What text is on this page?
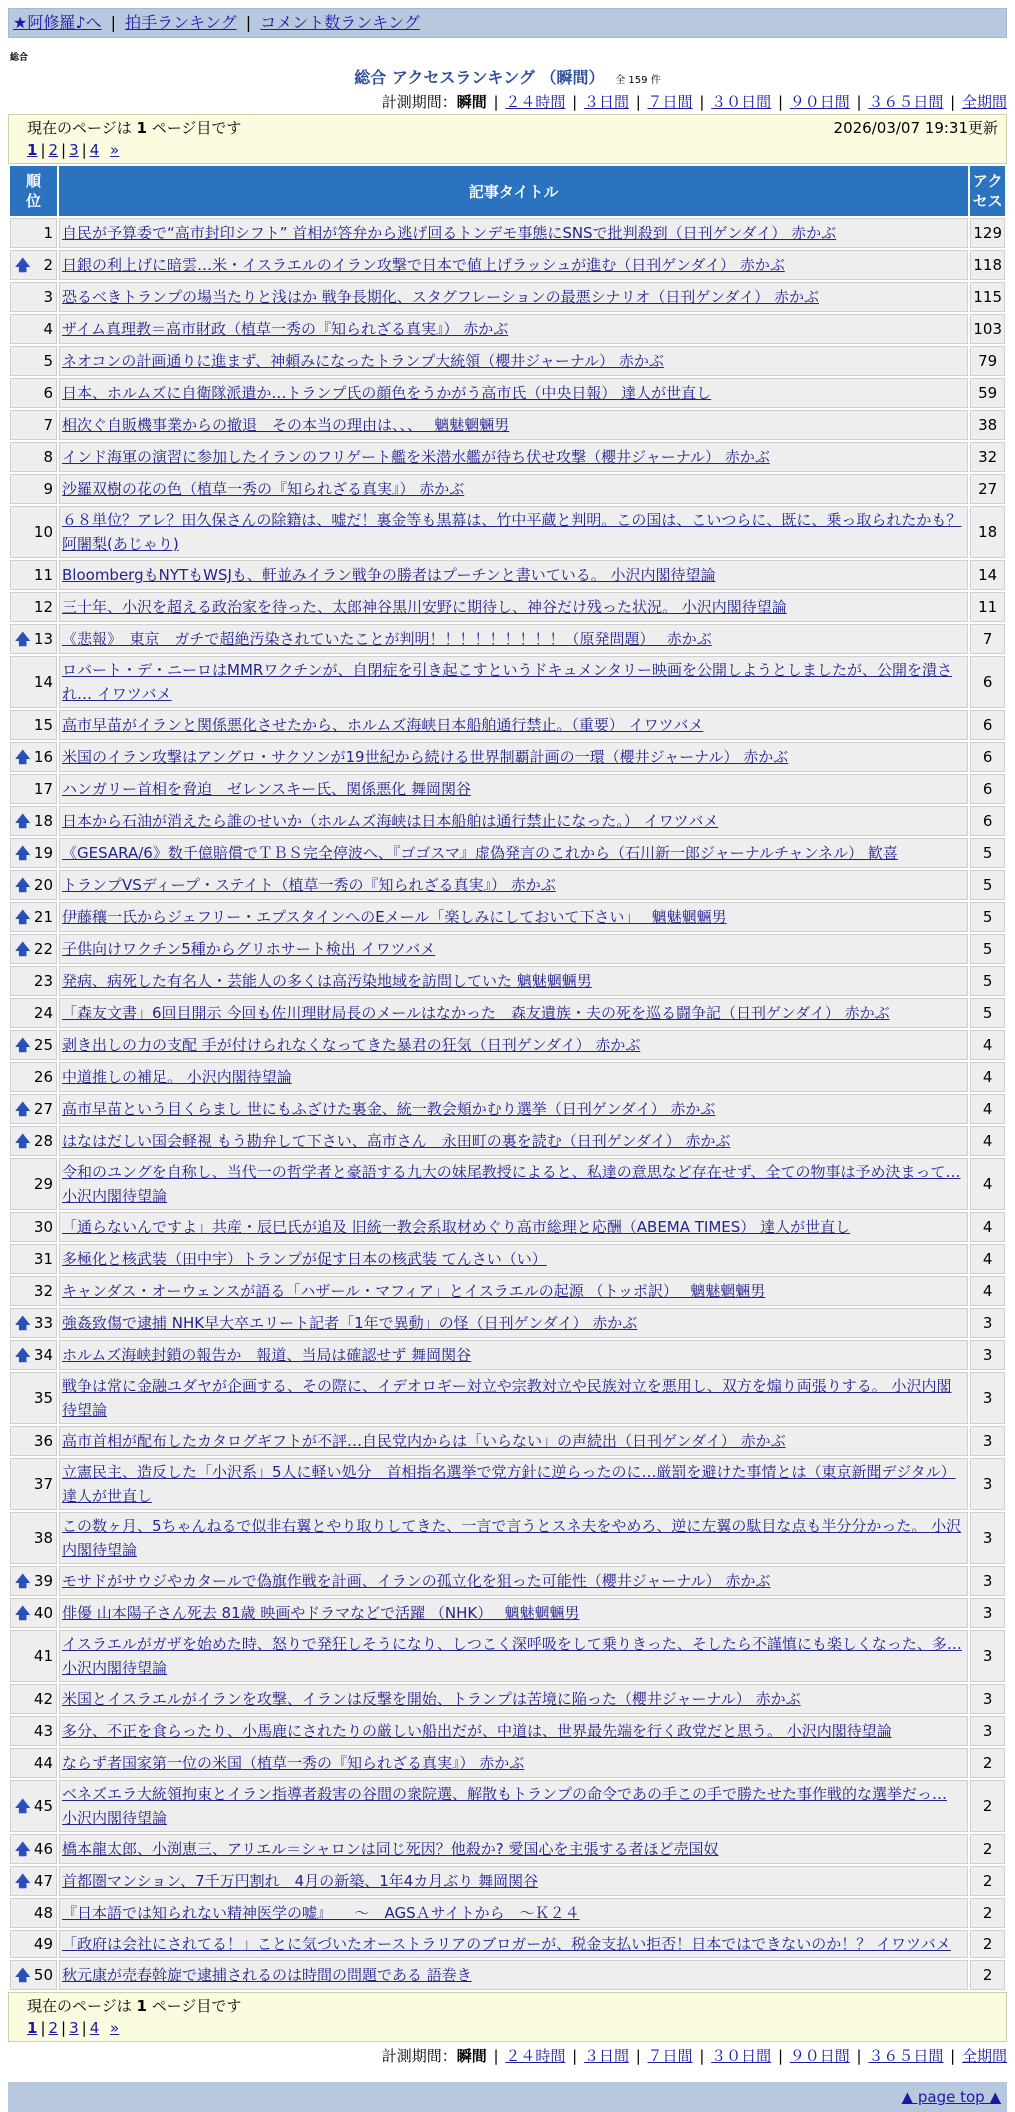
★阿修羅♪へ | 拍手ランキング | コメント数ランキング
総合
総合 アクセスランキング （瞬間） 全 159 件
計測期間：瞬間 | ２４時間 | ３日間 | ７日間 | ３０日間 | ９０日間 | ３６５日間 | 全期間
現在のページは 1 ページ目です	2026/03/07 19:31更新
1 | 2 | 3 | 4 »
順位	記事タイトル	アクセス
1	自民が予算委で“高市封印シフト” 首相が答弁から逃げ回るトンデモ事態にSNSで批判殺到（日刊ゲンダイ） 赤かぶ	129

🡅 2	日銀の利上げに暗雲…米・イスラエルのイラン攻撃で日本で値上げラッシュが進む（日刊ゲンダイ） 赤かぶ	118
3	恐るべきトランプの場当たりと浅はか 戦争長期化、スタグフレーションの最悪シナリオ（日刊ゲンダイ） 赤かぶ	115
4	ザイム真理教＝高市財政（植草一秀の『知られざる真実』） 赤かぶ	103
5	ネオコンの計画通りに進まず、神頼みになったトランプ大統領（櫻井ジャーナル） 赤かぶ	79
6	日本、ホルムズに自衛隊派遣か…トランプ氏の顔色をうかがう高市氏（中央日報） 達人が世直し	59
7	相次ぐ自販機事業からの撤退　その本当の理由は、、、　 魑魅魍魎男	38
8	インド海軍の演習に参加したイランのフリゲート艦を米潜水艦が待ち伏せ攻撃（櫻井ジャーナル） 赤かぶ	32
9	沙羅双樹の花の色（植草一秀の『知られざる真実』） 赤かぶ	27
10	６８単位？アレ？田久保さんの除籍は、嘘だ！裏金等も黒幕は、竹中平蔵と判明。この国は、こいつらに、既に、乗っ取られたかも？ 阿闍梨(あじゃり)	18
11	BloombergもNYTもWSJも、軒並みイラン戦争の勝者はプーチンと書いている。 小沢内閣待望論	14
12	三十年、小沢を超える政治家を待った、太郎神谷黒川安野に期待し、神谷だけ残った状況。 小沢内閣待望論	11

🡅 13	《悲報》　東京　ガチで超絶汚染されていたことが判明！！！！！！！！！（原発問題）　 赤かぶ	7
14	ロバート・デ・ニーロはMMRワクチンが、自閉症を引き起こすというドキュメンタリー映画を公開しようとしましたが、公開を潰され… イワツバメ	6
15	高市早苗がイランと関係悪化させたから、ホルムズ海峡日本船舶通行禁止。（重要） イワツバメ	6

🡅 16	米国のイラン攻撃はアングロ・サクソンが19世紀から続ける世界制覇計画の一環（櫻井ジャーナル） 赤かぶ	6
17	ハンガリー首相を脅迫　ゼレンスキー氏、関係悪化 舞岡関谷	6

🡅 18	日本から石油が消えたら誰のせいか（ホルムズ海峡は日本船舶は通行禁止になった。） イワツバメ	6

🡅 19	《GESARA/6》数千億賠償でＴＢＳ完全停波へ、『ゴゴスマ』虚偽発言のこれから（石川新一郎ジャーナルチャンネル） 歓喜	5

🡅 20	トランプVSディープ・ステイト（植草一秀の『知られざる真実』） 赤かぶ	5

🡅 21	伊藤穰一氏からジェフリー・エプスタインへのEメール「楽しみにしておいて下さい」　 魑魅魍魎男	5

🡅 22	子供向けワクチン5種からグリホサート検出 イワツバメ	5
23	発病、病死した有名人・芸能人の多くは高汚染地域を訪問していた 魑魅魍魎男	5
24	「森友文書」6回目開示 今回も佐川理財局長のメールはなかった　森友遺族・夫の死を巡る闘争記（日刊ゲンダイ） 赤かぶ	5

🡅 25	剥き出しの力の支配 手が付けられなくなってきた暴君の狂気（日刊ゲンダイ） 赤かぶ	4
26	中道推しの補足。 小沢内閣待望論	4

🡅 27	高市早苗という目くらまし 世にもふざけた裏金、統一教会頬かむり選挙（日刊ゲンダイ） 赤かぶ	4

🡅 28	はなはだしい国会軽視 もう勘弁して下さい、高市さん　永田町の裏を読む（日刊ゲンダイ） 赤かぶ	4
29	令和のユングを自称し、当代一の哲学者と豪語する九大の妹尾教授によると、私達の意思など存在せず、全ての物事は予め決まって… 小沢内閣待望論	4
30	「通らないんですよ」共産・辰巳氏が追及 旧統一教会系取材めぐり高市総理と応酬（ABEMA TIMES） 達人が世直し	4
31	多極化と核武装（田中宇）トランプが促す日本の核武装 てんさい（い）	4
32	キャンダス・オーウェンスが語る「ハザール・マフィア」とイスラエルの起源 （トッポ訳）　 魑魅魍魎男	4

🡅 33	強姦致傷で逮捕 NHK早大卒エリート記者「1年で異動」の怪（日刊ゲンダイ） 赤かぶ	3

🡅 34	ホルムズ海峡封鎖の報告か　報道、当局は確認せず 舞岡関谷	3
35	戦争は常に金融ユダヤが企画する、その際に、イデオロギー対立や宗教対立や民族対立を悪用し、双方を煽り両張りする。 小沢内閣待望論	3
36	高市首相が配布したカタログギフトが不評…自民党内からは「いらない」の声続出（日刊ゲンダイ） 赤かぶ	3
37	立憲民主、造反した「小沢系」5人に軽い処分　首相指名選挙で党方針に逆らったのに…厳罰を避けた事情とは（東京新聞デジタル） 達人が世直し	3
38	この数ヶ月、5ちゃんねるで似非右翼とやり取りしてきた、一言で言うとスネ夫をやめろ、逆に左翼の駄目な点も半分分かった。 小沢内閣待望論	3

🡅 39	モサドがサウジやカタールで偽旗作戦を計画、イランの孤立化を狙った可能性（櫻井ジャーナル） 赤かぶ	3

🡅 40	俳優 山本陽子さん死去 81歳 映画やドラマなどで活躍 （NHK）　 魑魅魍魎男	3
41	イスラエルがガザを始めた時、怒りで発狂しそうになり、しつこく深呼吸をして乗りきった、そしたら不謹慎にも楽しくなった、多… 小沢内閣待望論	3
42	米国とイスラエルがイランを攻撃、イランは反撃を開始、トランプは苦境に陥った（櫻井ジャーナル） 赤かぶ	3
43	多分、不正を食らったり、小馬鹿にされたりの厳しい船出だが、中道は、世界最先端を行く政党だと思う。 小沢内閣待望論	3
44	ならず者国家第一位の米国（植草一秀の『知られざる真実』） 赤かぶ	2

🡅 45	ベネズエラ大統領拘束とイラン指導者殺害の谷間の衆院選、解散もトランプの命令であの手この手で勝たせた事作戦的な選挙だっ… 小沢内閣待望論	2

🡅 46	橋本龍太郎、小渕恵三、アリエル＝シャロンは同じ死因？他殺か? 愛国心を主張する者ほど売国奴	2

🡅 47	首都圏マンション、7千万円割れ　4月の新築、1年4カ月ぶり 舞岡関谷	2
48	『日本語では知られない精神医学の嘘』　　～　AGSＡサイトから　～Ｋ２４	2
49	「政府は会社にされてる！」ことに気づいたオーストラリアのブロガーが、税金支払い拒否！日本ではできないのか！？ イワツバメ	2

🡅 50	秋元康が売春斡旋で逮捕されるのは時間の問題である 語巻き	2
現在のページは 1 ページ目です
1 | 2 | 3 | 4 »
計測期間：瞬間 | ２４時間 | ３日間 | ７日間 | ３０日間 | ９０日間 | ３６５日間 | 全期間
▲ page top ▲
